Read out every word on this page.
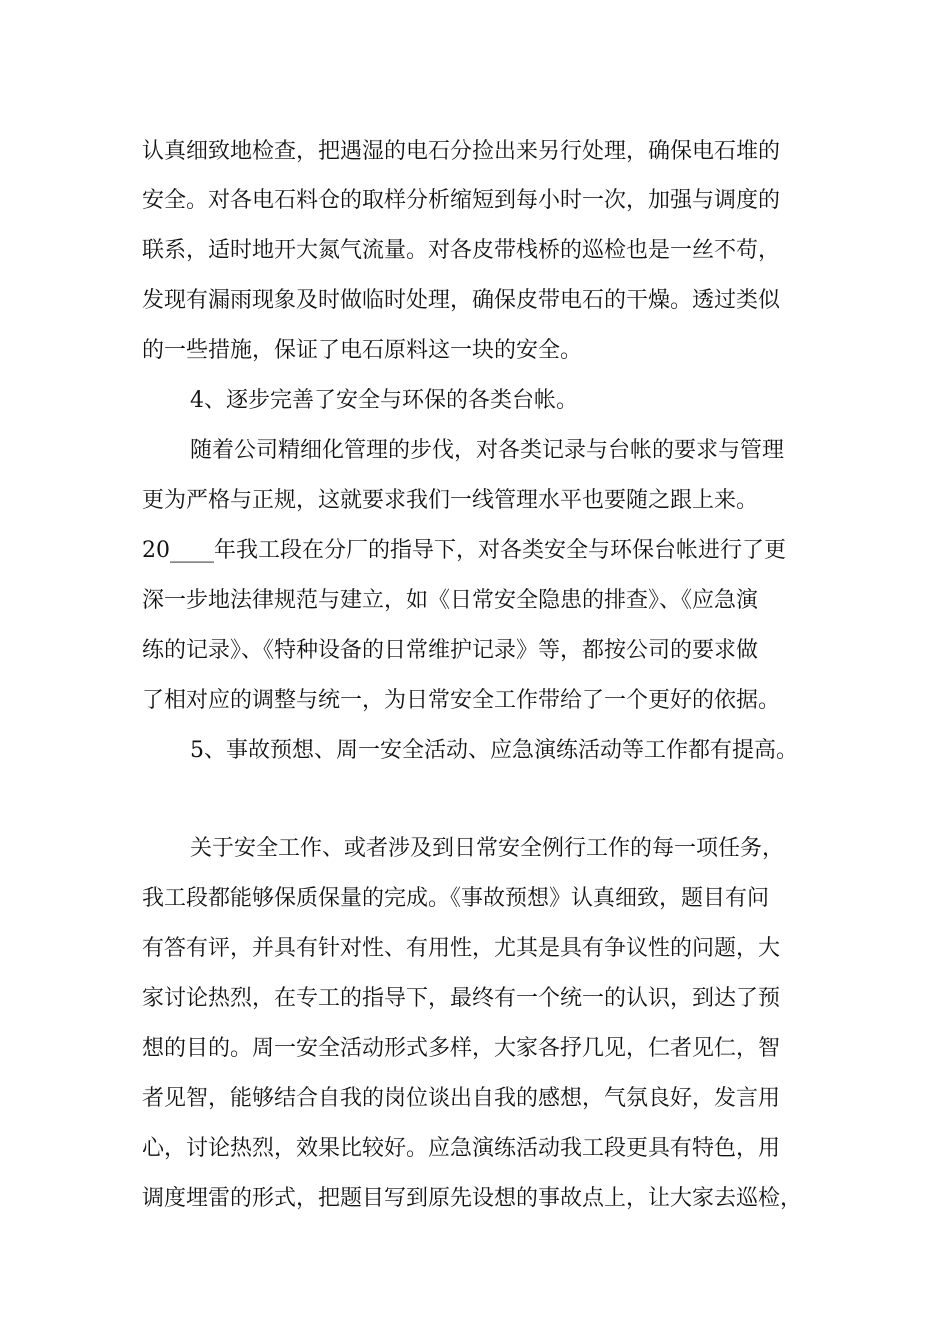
认真细致地检查，把遇湿的电石分捡出来另行处理，确保电石堆的
安全。对各电石料仓的取样分析缩短到每小时一次，加强与调度的
联系，适时地开大氮气流量。对各皮带栈桥的巡检也是一丝不苟，
发现有漏雨现象及时做临时处理，确保皮带电石的干燥。透过类似
的一些措施，保证了电石原料这一块的安全。
4、逐步完善了安全与环保的各类台帐。
随着公司精细化管理的步伐，对各类记录与台帐的要求与管理
更为严格与正规，这就要求我们一线管理水平也要随之跟上来。
20____年我工段在分厂的指导下，对各类安全与环保台帐进行了更
深一步地法律规范与建立，如《日常安全隐患的排查》、《应急演
练的记录》、《特种设备的日常维护记录》等，都按公司的要求做
了相对应的调整与统一，为日常安全工作带给了一个更好的依据。
5、事故预想、周一安全活动、应急演练活动等工作都有提高。
关于安全工作、或者涉及到日常安全例行工作的每一项任务，
我工段都能够保质保量的完成。《事故预想》认真细致，题目有问
有答有评，并具有针对性、有用性，尤其是具有争议性的问题，大
家讨论热烈，在专工的指导下，最终有一个统一的认识，到达了预
想的目的。周一安全活动形式多样，大家各抒几见，仁者见仁，智
者见智，能够结合自我的岗位谈出自我的感想，气氛良好，发言用
心，讨论热烈，效果比较好。应急演练活动我工段更具有特色，用
调度埋雷的形式，把题目写到原先设想的事故点上，让大家去巡检，
